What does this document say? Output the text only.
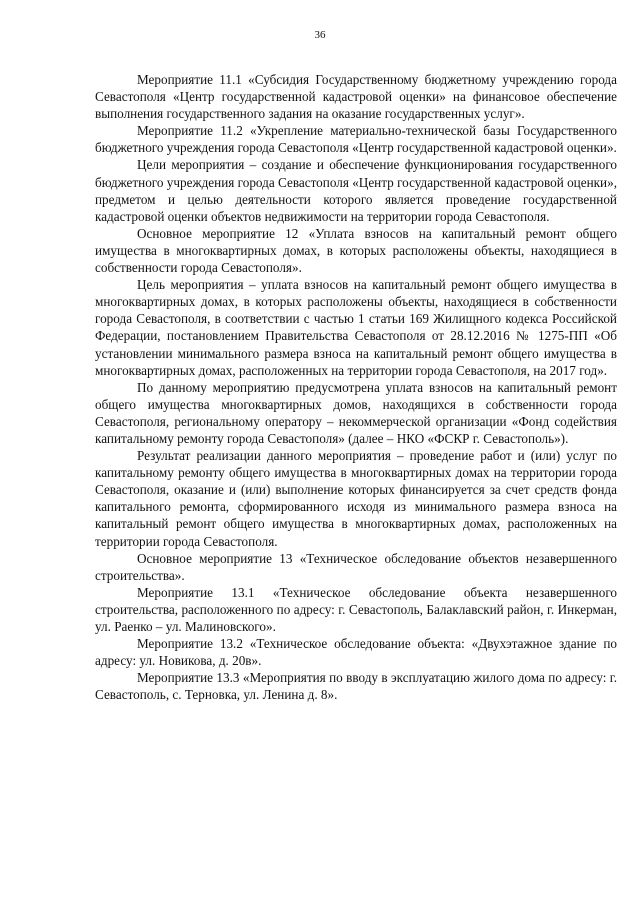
36

Мероприятие 11.1 «Субсидия Государственному бюджетному учреждению города Севастополя «Центр государственной кадастровой оценки» на финансовое обеспечение выполнения государственного задания на оказание государственных услуг».

Мероприятие 11.2 «Укрепление материально-технической базы Государственного бюджетного учреждения города Севастополя «Центр государственной кадастровой оценки».

Цели мероприятия – создание и обеспечение функционирования государственного бюджетного учреждения города Севастополя «Центр государственной кадастровой оценки», предметом и целью деятельности которого является проведение государственной кадастровой оценки объектов недвижимости на территории города Севастополя.

Основное мероприятие 12 «Уплата взносов на капитальный ремонт общего имущества в многоквартирных домах, в которых расположены объекты, находящиеся в собственности города Севастополя».

Цель мероприятия – уплата взносов на капитальный ремонт общего имущества в многоквартирных домах, в которых расположены объекты, находящиеся в собственности города Севастополя, в соответствии с частью 1 статьи 169 Жилищного кодекса Российской Федерации, постановлением Правительства Севастополя от 28.12.2016 № 1275-ПП «Об установлении минимального размера взноса на капитальный ремонт общего имущества в многоквартирных домах, расположенных на территории города Севастополя, на 2017 год».

По данному мероприятию предусмотрена уплата взносов на капитальный ремонт общего имущества многоквартирных домов, находящихся в собственности города Севастополя, региональному оператору – некоммерческой организации «Фонд содействия капитальному ремонту города Севастополя» (далее – НКО «ФСКР г. Севастополь»).

Результат реализации данного мероприятия – проведение работ и (или) услуг по капитальному ремонту общего имущества в многоквартирных домах на территории города Севастополя, оказание и (или) выполнение которых финансируется за счет средств фонда капитального ремонта, сформированного исходя из минимального размера взноса на капитальный ремонт общего имущества в многоквартирных домах, расположенных на территории города Севастополя.

Основное мероприятие 13 «Техническое обследование объектов незавершенного строительства».

Мероприятие 13.1 «Техническое обследование объекта незавершенного строительства, расположенного по адресу: г. Севастополь, Балаклавский район, г. Инкерман, ул. Раенко – ул. Малиновского».

Мероприятие 13.2 «Техническое обследование объекта: «Двухэтажное здание по адресу: ул. Новикова, д. 20в».

Мероприятие 13.3 «Мероприятия по вводу в эксплуатацию жилого дома по адресу: г. Севастополь, с. Терновка, ул. Ленина д. 8».
